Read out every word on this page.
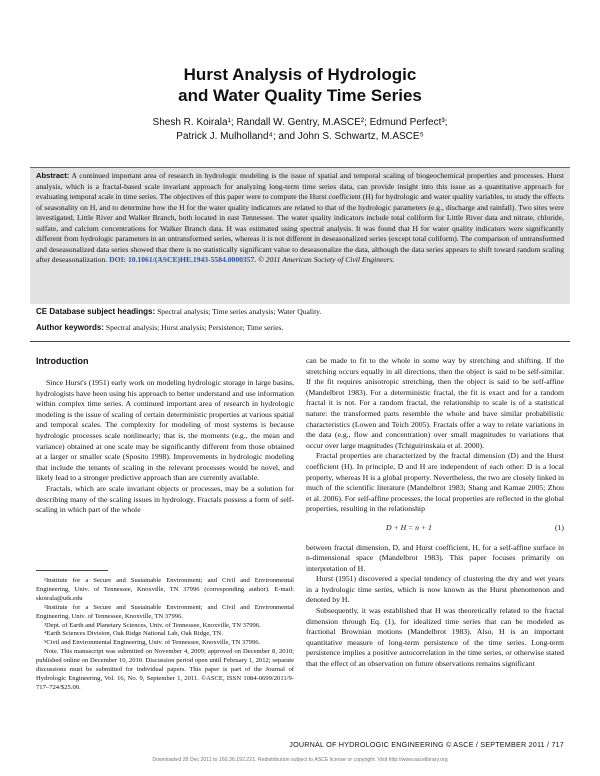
Hurst Analysis of Hydrologic
and Water Quality Time Series
Shesh R. Koirala¹; Randall W. Gentry, M.ASCE²; Edmund Perfect³;
Patrick J. Mulholland⁴; and John S. Schwartz, M.ASCE⁵
Abstract: A continued important area of research in hydrologic modeling is the issue of spatial and temporal scaling of biogeochemical properties and processes. Hurst analysis, which is a fractal-based scale invariant approach for analyzing long-term time series data, can provide insight into this issue as a quantitative approach for evaluating temporal scale in time series. The objectives of this paper were to compute the Hurst coefficient (H) for hydrologic and water quality variables, to study the effects of seasonality on H, and to determine how the H for the water quality indicators are related to that of the hydrologic parameters (e.g., discharge and rainfall). Two sites were investigated, Little River and Walker Branch, both located in east Tennessee. The water quality indicators include total coliform for Little River data and nitrate, chloride, sulfate, and calcium concentrations for Walker Branch data. H was estimated using spectral analysis. It was found that H for water quality indicators were significantly different from hydrologic parameters in an untransformed series, whereas it is not different in deseasonalized series (except total coliform). The comparison of untransformed and deseasonalized data series showed that there is no statistically significant value to deseasonalize the data, although the data series appears to shift toward random scaling after deseasonalization. DOI: 10.1061/(ASCE)HE.1943-5584.0000357. © 2011 American Society of Civil Engineers.
CE Database subject headings: Spectral analysis; Time series analysis; Water Quality.
Author keywords: Spectral analysis; Hurst analysis; Persistence; Time series.
Introduction

Since Hurst's (1951) early work on modeling hydrologic storage in large basins, hydrologists have been using his approach to better understand and use information within complex time series. A continued important area of research in hydrologic modeling is the issue of scaling of certain deterministic properties at various spatial and temporal scales. The complexity for modeling of most systems is because hydrologic processes scale nonlinearly; that is, the moments (e.g., the mean and variance) obtained at one scale may be significantly different from those obtained at a larger or smaller scale (Sposito 1998). Improvements in hydrologic modeling that include the tenants of scaling in the relevant processes would be novel, and likely lead to a stronger predictive approach than are currently available.

Fractals, which are scale invariant objects or processes, may be a solution for describing many of the scaling issues in hydrology. Fractals possess a form of self-scaling in which part of the whole

¹Institute for a Secure and Sustainable Environment; and Civil and Environmental Engineering, Univ. of Tennessee, Knoxville, TN 37996 (corresponding author). E-mail: skoirala@utk.edu

²Institute for a Secure and Sustainable Environment; and Civil and Environmental Engineering, Univ. of Tennessee, Knoxville, TN 37996.

³Dept. of Earth and Planetary Sciences, Univ. of Tennessee, Knoxville, TN 37996.

⁴Earth Sciences Division, Oak Ridge National Lab, Oak Ridge, TN.

⁵Civil and Environmental Engineering, Univ. of Tennessee, Knoxville, TN 37996.

Note. This manuscript was submitted on November 4, 2009; approved on December 8, 2010; published online on December 10, 2010. Discussion period open until February 1, 2012; separate discussions must be submitted for individual papers. This paper is part of the Journal of Hydrologic Engineering, Vol. 16, No. 9, September 1, 2011. ©ASCE, ISSN 1084-0699/2011/9-717–724/$25.00.

can be made to fit to the whole in some way by stretching and shifting. If the stretching occurs equally in all directions, then the object is said to be self-similar. If the fit requires anisotropic stretching, then the object is said to be self-affine (Mandelbrot 1983). For a deterministic fractal, the fit is exact and for a random fractal it is not. For a random fractal, the relationship to scale is of a statistical nature: the transformed parts resemble the whole and have similar probabilistic characteristics (Lowen and Teich 2005). Fractals offer a way to relate variations in the data (e.g., flow and concentration) over small magnitudes to variations that occur over large magnitudes (Tchiguirinskaia et al. 2000).

Fractal properties are characterized by the fractal dimension (D) and the Hurst coefficient (H). In principle, D and H are independent of each other: D is a local property, whereas H is a global property. Nevertheless, the two are closely linked in much of the scientific literature (Mandelbrot 1983; Shang and Kamae 2005; Zhou et al. 2006). For self-affine processes, the local properties are reflected in the global properties, resulting in the relationship

D + H = n + 1	(1)

between fractal dimension, D, and Hurst coefficient, H, for a self-affine surface in n-dimensional space (Mandelbrot 1983). This paper focuses primarily on interpretation of H.

Hurst (1951) discovered a special tendency of clustering the dry and wet years in a hydrologic time series, which is now known as the Hurst phenomenon and denoted by H.

Subsequently, it was established that H was theoretically related to the fractal dimension through Eq. (1), for idealized time series that can be modeled as fractional Brownian motions (Mandelbrot 1983). Also, H is an important quantitative measure of long-term persistence of the time series. Long-term persistence implies a positive autocorrelation in the time series, or otherwise stated that the effect of an observation on future observations remains significant

JOURNAL OF HYDROLOGIC ENGINEERING © ASCE / SEPTEMBER 2011 / 717
Downloaded 28 Dec 2011 to 160.36.192.221. Redistribution subject to ASCE license or copyright. Visit http://www.ascelibrary.org
